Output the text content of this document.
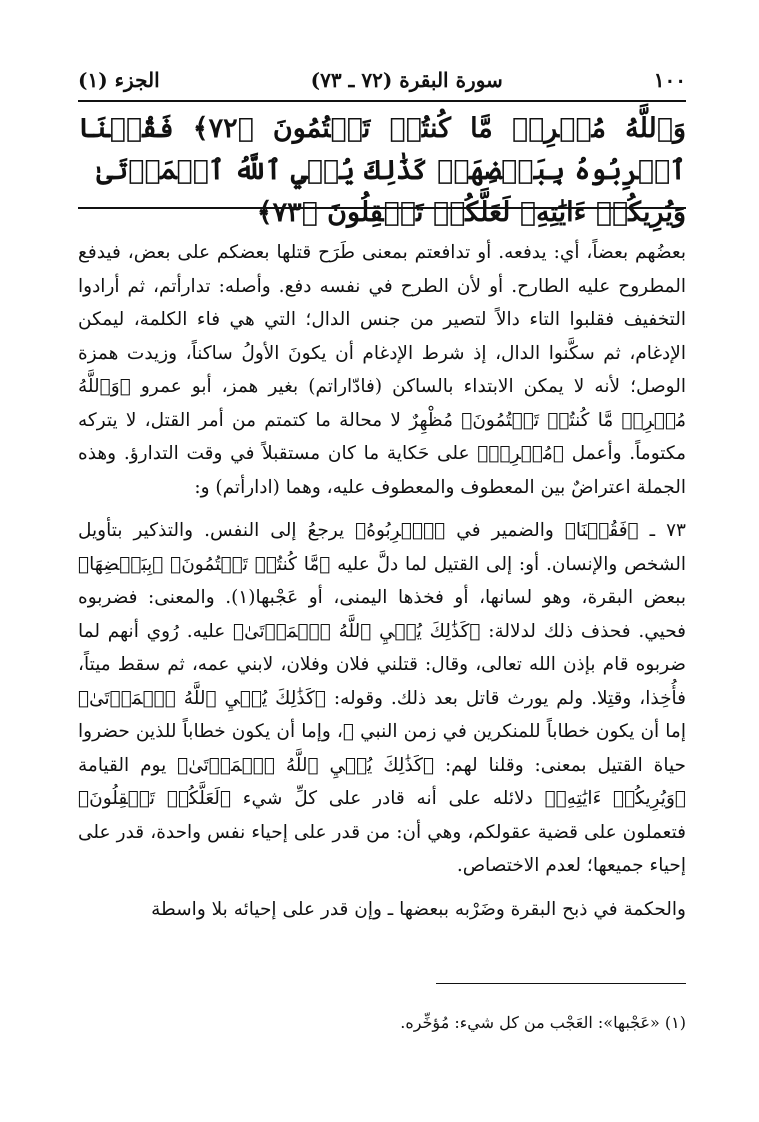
١٠٠
سورة البقرة (٧٢ ـ ٧٣)
الجزء (١)
وَٱللَّهُ مُخۡرِجٞ مَّا كُنتُمۡ تَكۡتُمُونَ ﴿٧٢﴾ فَقُلۡنَا ٱضۡرِبُوهُ بِبَعۡضِهَاۚ كَذَٰلِكَ يُحۡيِ ٱللَّهُ ٱلۡمَوۡتَىٰ
وَيُرِيكُمۡ ءَايَٰتِهِۦ لَعَلَّكُمۡ تَعۡقِلُونَ ﴿٧٣﴾

بعضُهم بعضاً، أي: يدفعه. أو تدافعتم بمعنى طَرَح قتلها بعضكم على بعض، فيدفع المطروح عليه الطارح. أو لأن الطرح في نفسه دفع. وأصله: تدارأتم، ثم أرادوا التخفيف فقلبوا التاء دالاً لتصير من جنس الدال؛ التي هي فاء الكلمة، ليمكن الإدغام، ثم سكَّنوا الدال، إذ شرط الإدغام أن يكونَ الأولُ ساكناً، وزيدت همزة الوصل؛ لأنه لا يمكن الابتداء بالساكن (فادّاراتم) بغير همز، أبو عمرو ﴿وَٱللَّهُ مُخۡرِجٞ مَّا كُنتُمۡ تَكۡتُمُونَ﴾ مُظْهِرٌ لا محالة ما كتمتم من أمر القتل، لا يتركه مكتوماً. وأعمل ﴿مُخۡرِجٞ﴾ على حَكاية ما كان مستقبلاً في وقت التدارؤ. وهذه الجملة اعتراضٌ بين المعطوف والمعطوف عليه، وهما (ادارأتم) و:

٧٣ ـ ﴿فَقُلۡنَا﴾ والضمير في ﴿ٱضۡرِبُوهُ﴾ يرجعُ إلى النفس. والتذكير بتأويل الشخص والإنسان. أو: إلى القتيل لما دلَّ عليه ﴿مَّا كُنتُمۡ تَكۡتُمُونَ﴾ ﴿بِبَعۡضِهَا﴾ ببعض البقرة، وهو لسانها، أو فخذها اليمنى، أو عَجْبها(١). والمعنى: فضربوه فحيي. فحذف ذلك لدلالة: ﴿كَذَٰلِكَ يُحۡيِ ٱللَّهُ ٱلۡمَوۡتَىٰ﴾ عليه. رُوي أنهم لما ضربوه قام بإذن الله تعالى، وقال: قتلني فلان وفلان، لابني عمه، ثم سقط ميتاً، فأُخِذا، وقتِلا. ولم يورث قاتل بعد ذلك. وقوله: ﴿كَذَٰلِكَ يُحۡيِ ٱللَّهُ ٱلۡمَوۡتَىٰ﴾ إما أن يكون خطاباً للمنكرين في زمن النبي ﷺ، وإما أن يكون خطاباً للذين حضروا حياة القتيل بمعنى: وقلنا لهم: ﴿كَذَٰلِكَ يُحۡيِ ٱللَّهُ ٱلۡمَوۡتَىٰ﴾ يوم القيامة ﴿وَيُرِيكُمۡ ءَايَٰتِهِۦ﴾ دلائله على أنه قادر على كلِّ شيء ﴿لَعَلَّكُمۡ تَعۡقِلُونَ﴾ فتعملون على قضية عقولكم، وهي أن: من قدر على إحياء نفس واحدة، قدر على إحياء جميعها؛ لعدم الاختصاص.

والحكمة في ذبح البقرة وضَرْبه ببعضها ـ وإن قدر على إحيائه بلا واسطة

(١) «عَجْبها»: العَجْب من كل شيء: مُؤخِّره.
